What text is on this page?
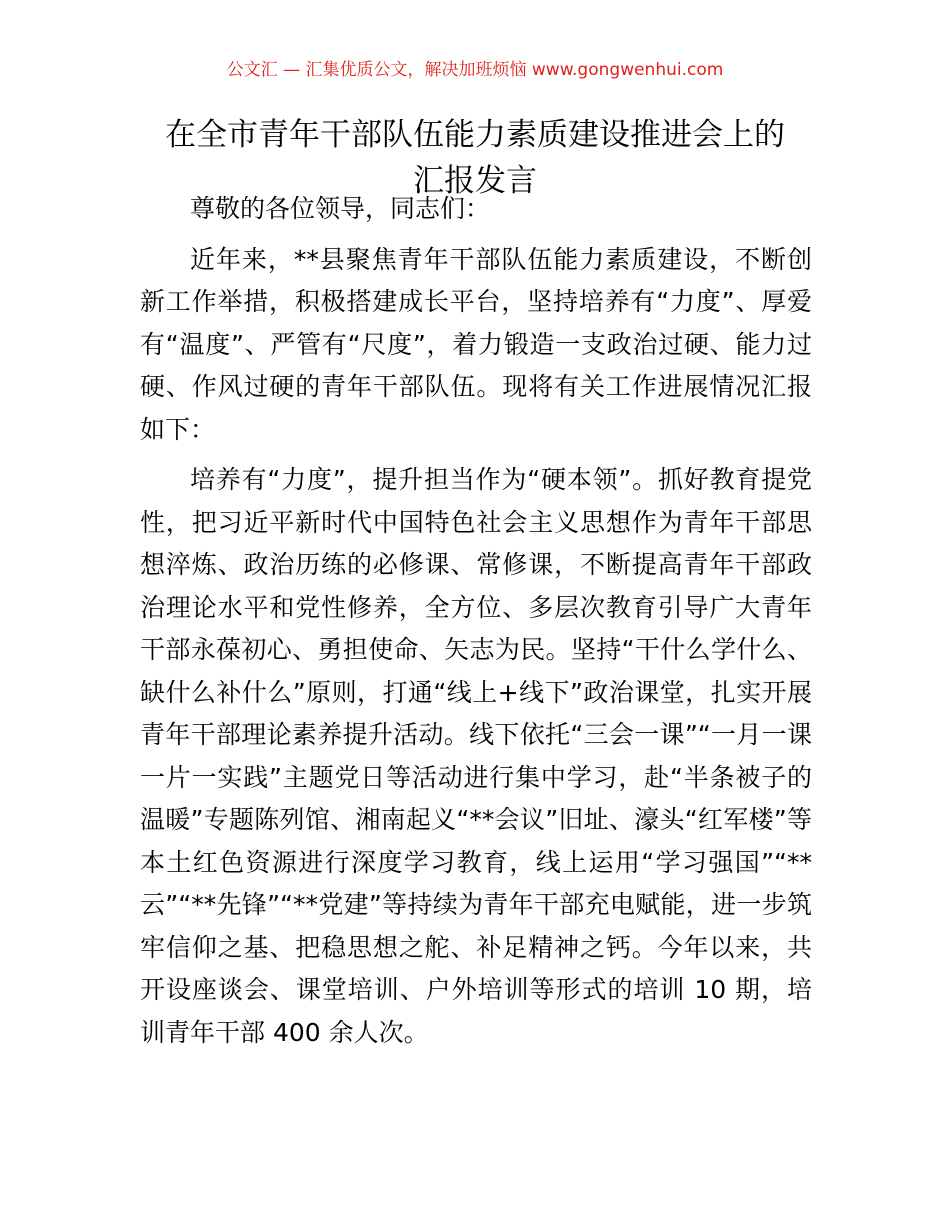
公文汇 — 汇集优质公文，解决加班烦恼 www.gongwenhui.com
在全市青年干部队伍能力素质建设推进会上的
汇报发言

尊敬的各位领导，同志们：

近年来，**县聚焦青年干部队伍能力素质建设，不断创新工作举措，积极搭建成长平台，坚持培养有“力度”、厚爱有“温度”、严管有“尺度”，着力锻造一支政治过硬、能力过硬、作风过硬的青年干部队伍。现将有关工作进展情况汇报如下：

培养有“力度”，提升担当作为“硬本领”。抓好教育提党性，把习近平新时代中国特色社会主义思想作为青年干部思想淬炼、政治历练的必修课、常修课，不断提高青年干部政治理论水平和党性修养，全方位、多层次教育引导广大青年干部永葆初心、勇担使命、矢志为民。坚持“干什么学什么、缺什么补什么”原则，打通“线上+线下”政治课堂，扎实开展青年干部理论素养提升活动。线下依托“三会一课”“一月一课一片一实践”主题党日等活动进行集中学习，赴“半条被子的温暖”专题陈列馆、湘南起义“**会议”旧址、濠头“红军楼”等本土红色资源进行深度学习教育，线上运用“学习强国”“**云”“**先锋”“**党建”等持续为青年干部充电赋能，进一步筑牢信仰之基、把稳思想之舵、补足精神之钙。今年以来，共开设座谈会、课堂培训、户外培训等形式的培训 10 期，培训青年干部 400 余人次。
